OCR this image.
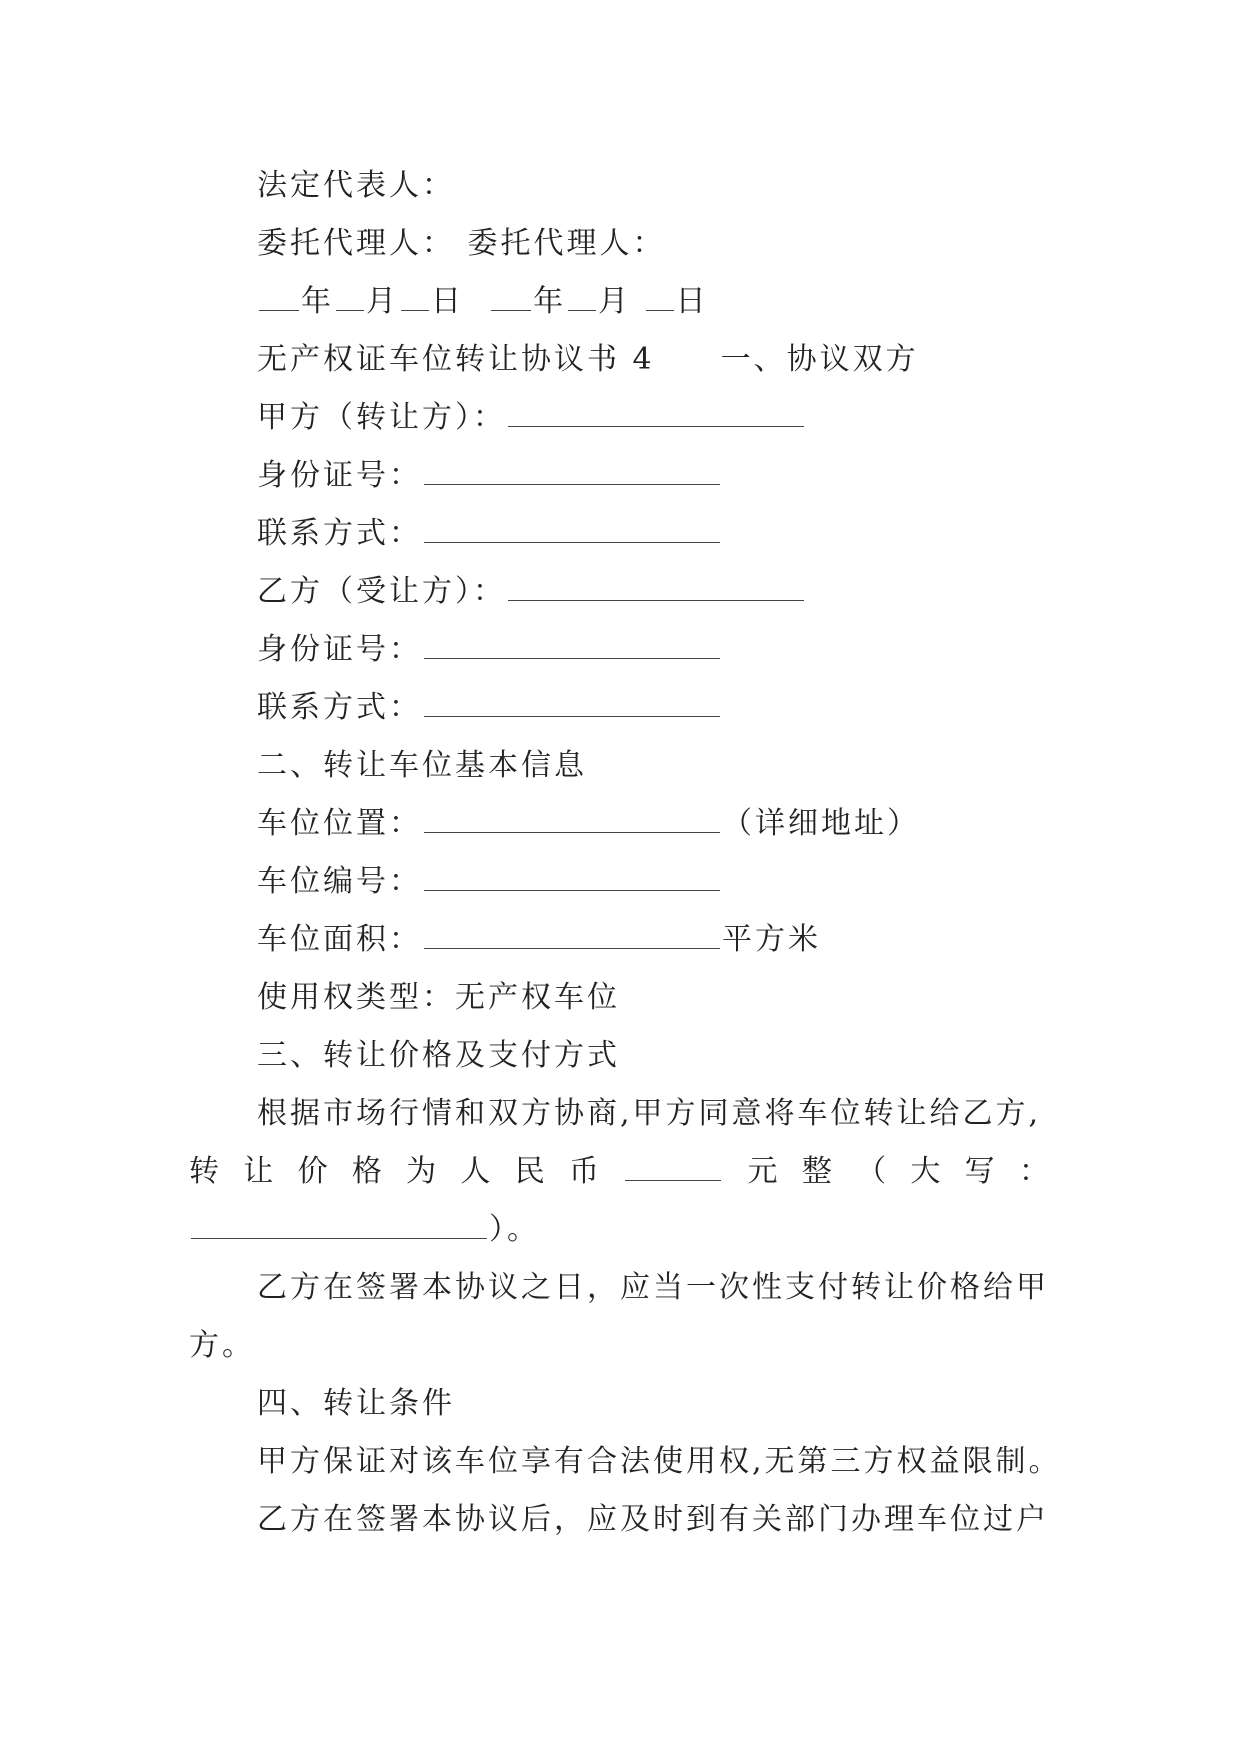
法定代表人：
委托代理人： 委托代理人：
年 月 日 年 月 日
无产权证车位转让协议书 4　　一、协议双方
甲方（转让方）：
身份证号：
联系方式：
乙方（受让方）：
身份证号：
联系方式：
二、转让车位基本信息
车位位置：	（详细地址）
车位编号：
车位面积：	平方米
使用权类型：无产权车位
三、转让价格及支付方式
根据市场行情和双方协商,甲方同意将车位转让给乙方,
转 让 价 格 为 人 民 币	元 整 （ 大 写 ：
）。
乙方在签署本协议之日，应当一次性支付转让价格给甲
方。
四、转让条件
甲方保证对该车位享有合法使用权,无第三方权益限制。
乙方在签署本协议后，应及时到有关部门办理车位过户
